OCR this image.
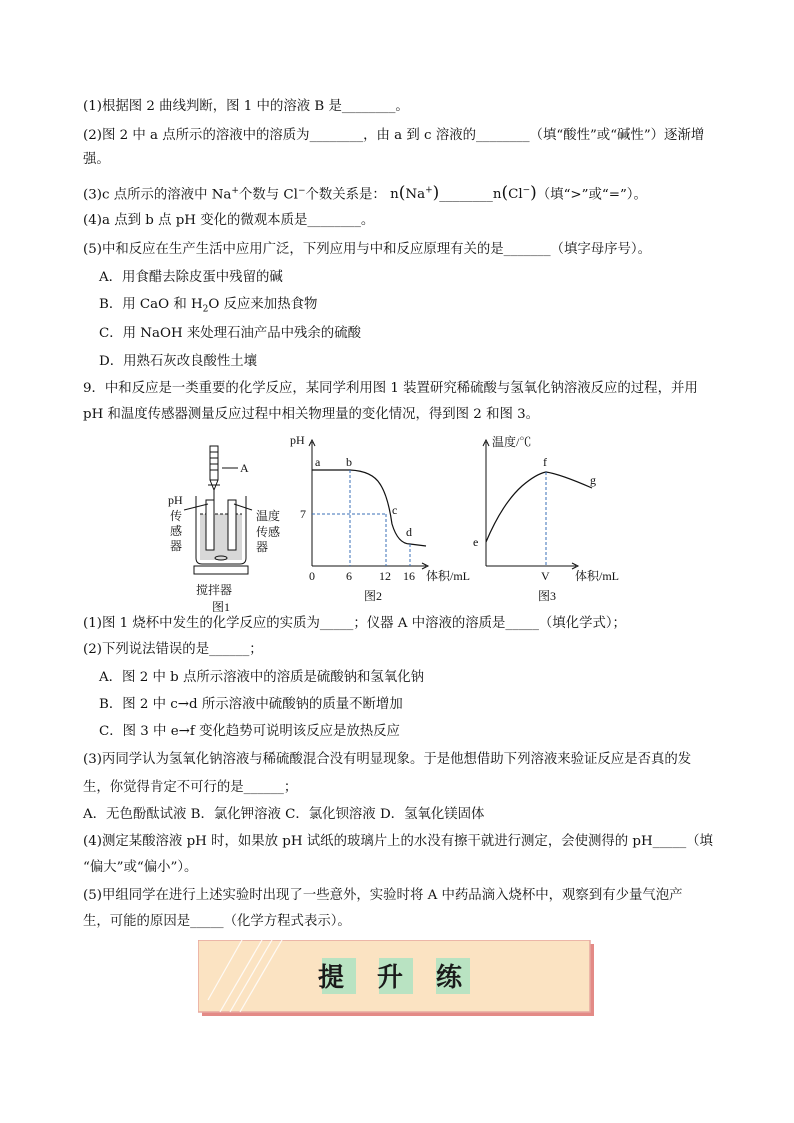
(1)根据图 2 曲线判断，图 1 中的溶液 B 是________。
(2)图 2 中 a 点所示的溶液中的溶质为________，由 a 到 c 溶液的________（填“酸性”或“碱性”）逐渐增
强。
(3)c 点所示的溶液中 Na+个数与 Cl−个数关系是： n(Na+)________n(Cl−)（填“>”或“=”）。
(4)a 点到 b 点 pH 变化的微观本质是________。
(5)中和反应在生产生活中应用广泛，下列应用与中和反应原理有关的是_______（填字母序号）。
A．用食醋去除皮蛋中残留的碱
B．用 CaO 和 $H_2O$ 反应来加热食物
C．用 NaOH 来处理石油产品中残余的硫酸
D．用熟石灰改良酸性土壤
9．中和反应是一类重要的化学反应，某同学利用图 1 装置研究稀硫酸与氢氧化钠溶液反应的过程，并用
pH 和温度传感器测量反应过程中相关物理量的变化情况，得到图 2 和图 3。
A
pH
传
感
器
温度
传感
器
搅拌器
图1
pH
7
a b
c
d
0	6 12 16 体积/mL
图2
温度/℃
e
f
g
V 体积/mL
图3
(1)图 1 烧杯中发生的化学反应的实质为_____；仪器 A 中溶液的溶质是_____（填化学式）；
(2)下列说法错误的是______；
A．图 2 中 b 点所示溶液中的溶质是硫酸钠和氢氧化钠
B．图 2 中 c→d 所示溶液中硫酸钠的质量不断增加
C．图 3 中 e→f 变化趋势可说明该反应是放热反应
(3)丙同学认为氢氧化钠溶液与稀硫酸混合没有明显现象。于是他想借助下列溶液来验证反应是否真的发
生，你觉得肯定不可行的是______；
A．无色酚酞试液 B．氯化钾溶液 C．氯化钡溶液 D．氢氧化镁固体
(4)测定某酸溶液 pH 时，如果放 pH 试纸的玻璃片上的水没有擦干就进行测定，会使测得的 pH_____（填
“偏大”或“偏小”）。
(5)甲组同学在进行上述实验时出现了一些意外，实验时将 A 中药品滴入烧杯中，观察到有少量气泡产
生，可能的原因是_____（化学方程式表示）。
提 升 练
